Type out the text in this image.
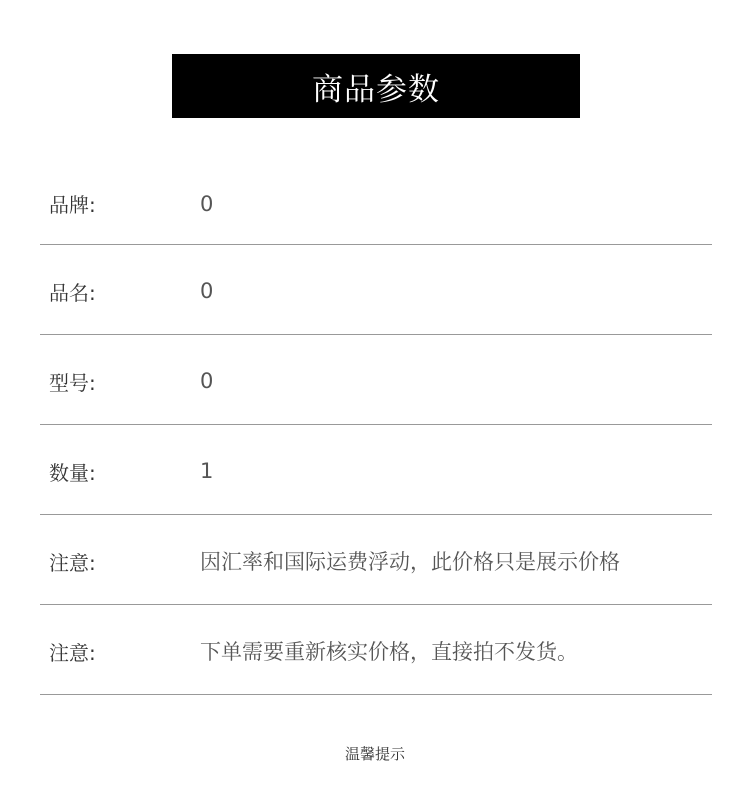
商品参数
品牌:	0
品名:	0
型号:	0
数量:	1
注意:	因汇率和国际运费浮动，此价格只是展示价格
注意:	下单需要重新核实价格，直接拍不发货。
温馨提示
